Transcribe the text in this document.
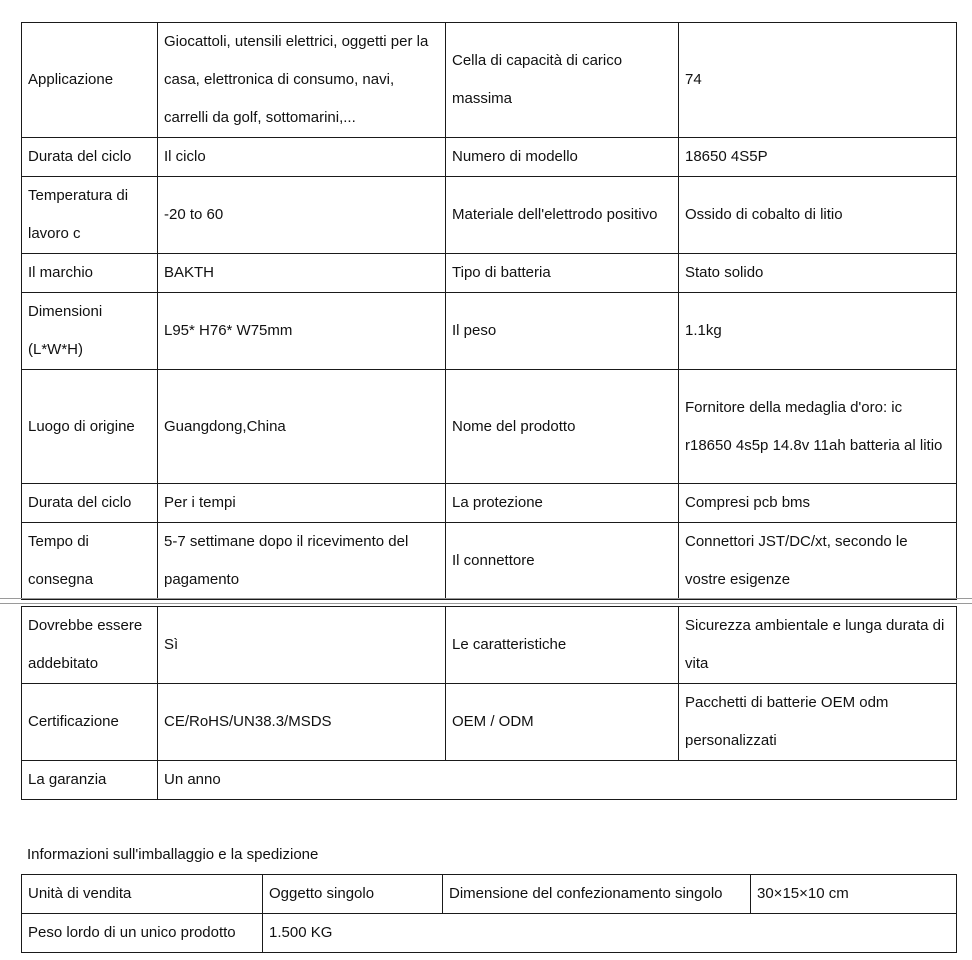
Applicazione	Giocattoli, utensili elettrici, oggetti per la casa, elettronica di consumo, navi, carrelli da golf, sottomarini,...	Cella di capacità di carico massima	74
Durata del ciclo	Il ciclo	Numero di modello	18650 4S5P
Temperatura di lavoro c	-20 to 60	Materiale dell'elettrodo positivo	Ossido di cobalto di litio
Il marchio	BAKTH	Tipo di batteria	Stato solido
Dimensioni (L*W*H)	L95* H76* W75mm	Il peso	1.1kg
Luogo di origine	Guangdong,China	Nome del prodotto	Fornitore della medaglia d'oro: ic r18650 4s5p 14.8v 11ah batteria al litio
Durata del ciclo	Per i tempi	La protezione	Compresi pcb bms
Tempo di consegna	5-7 settimane dopo il ricevimento del pagamento	Il connettore	Connettori JST/DC/xt, secondo le vostre esigenze
Dovrebbe essere addebitato	Sì	Le caratteristiche	Sicurezza ambientale e lunga durata di vita
Certificazione	CE/RoHS/UN38.3/MSDS	OEM / ODM	Pacchetti di batterie OEM odm personalizzati
La garanzia	Un anno		
Informazioni sull'imballaggio e la spedizione
Unità di vendita	Oggetto singolo	Dimensione del confezionamento singolo	30×15×10 cm
Peso lordo di un unico prodotto	1.500 KG		
